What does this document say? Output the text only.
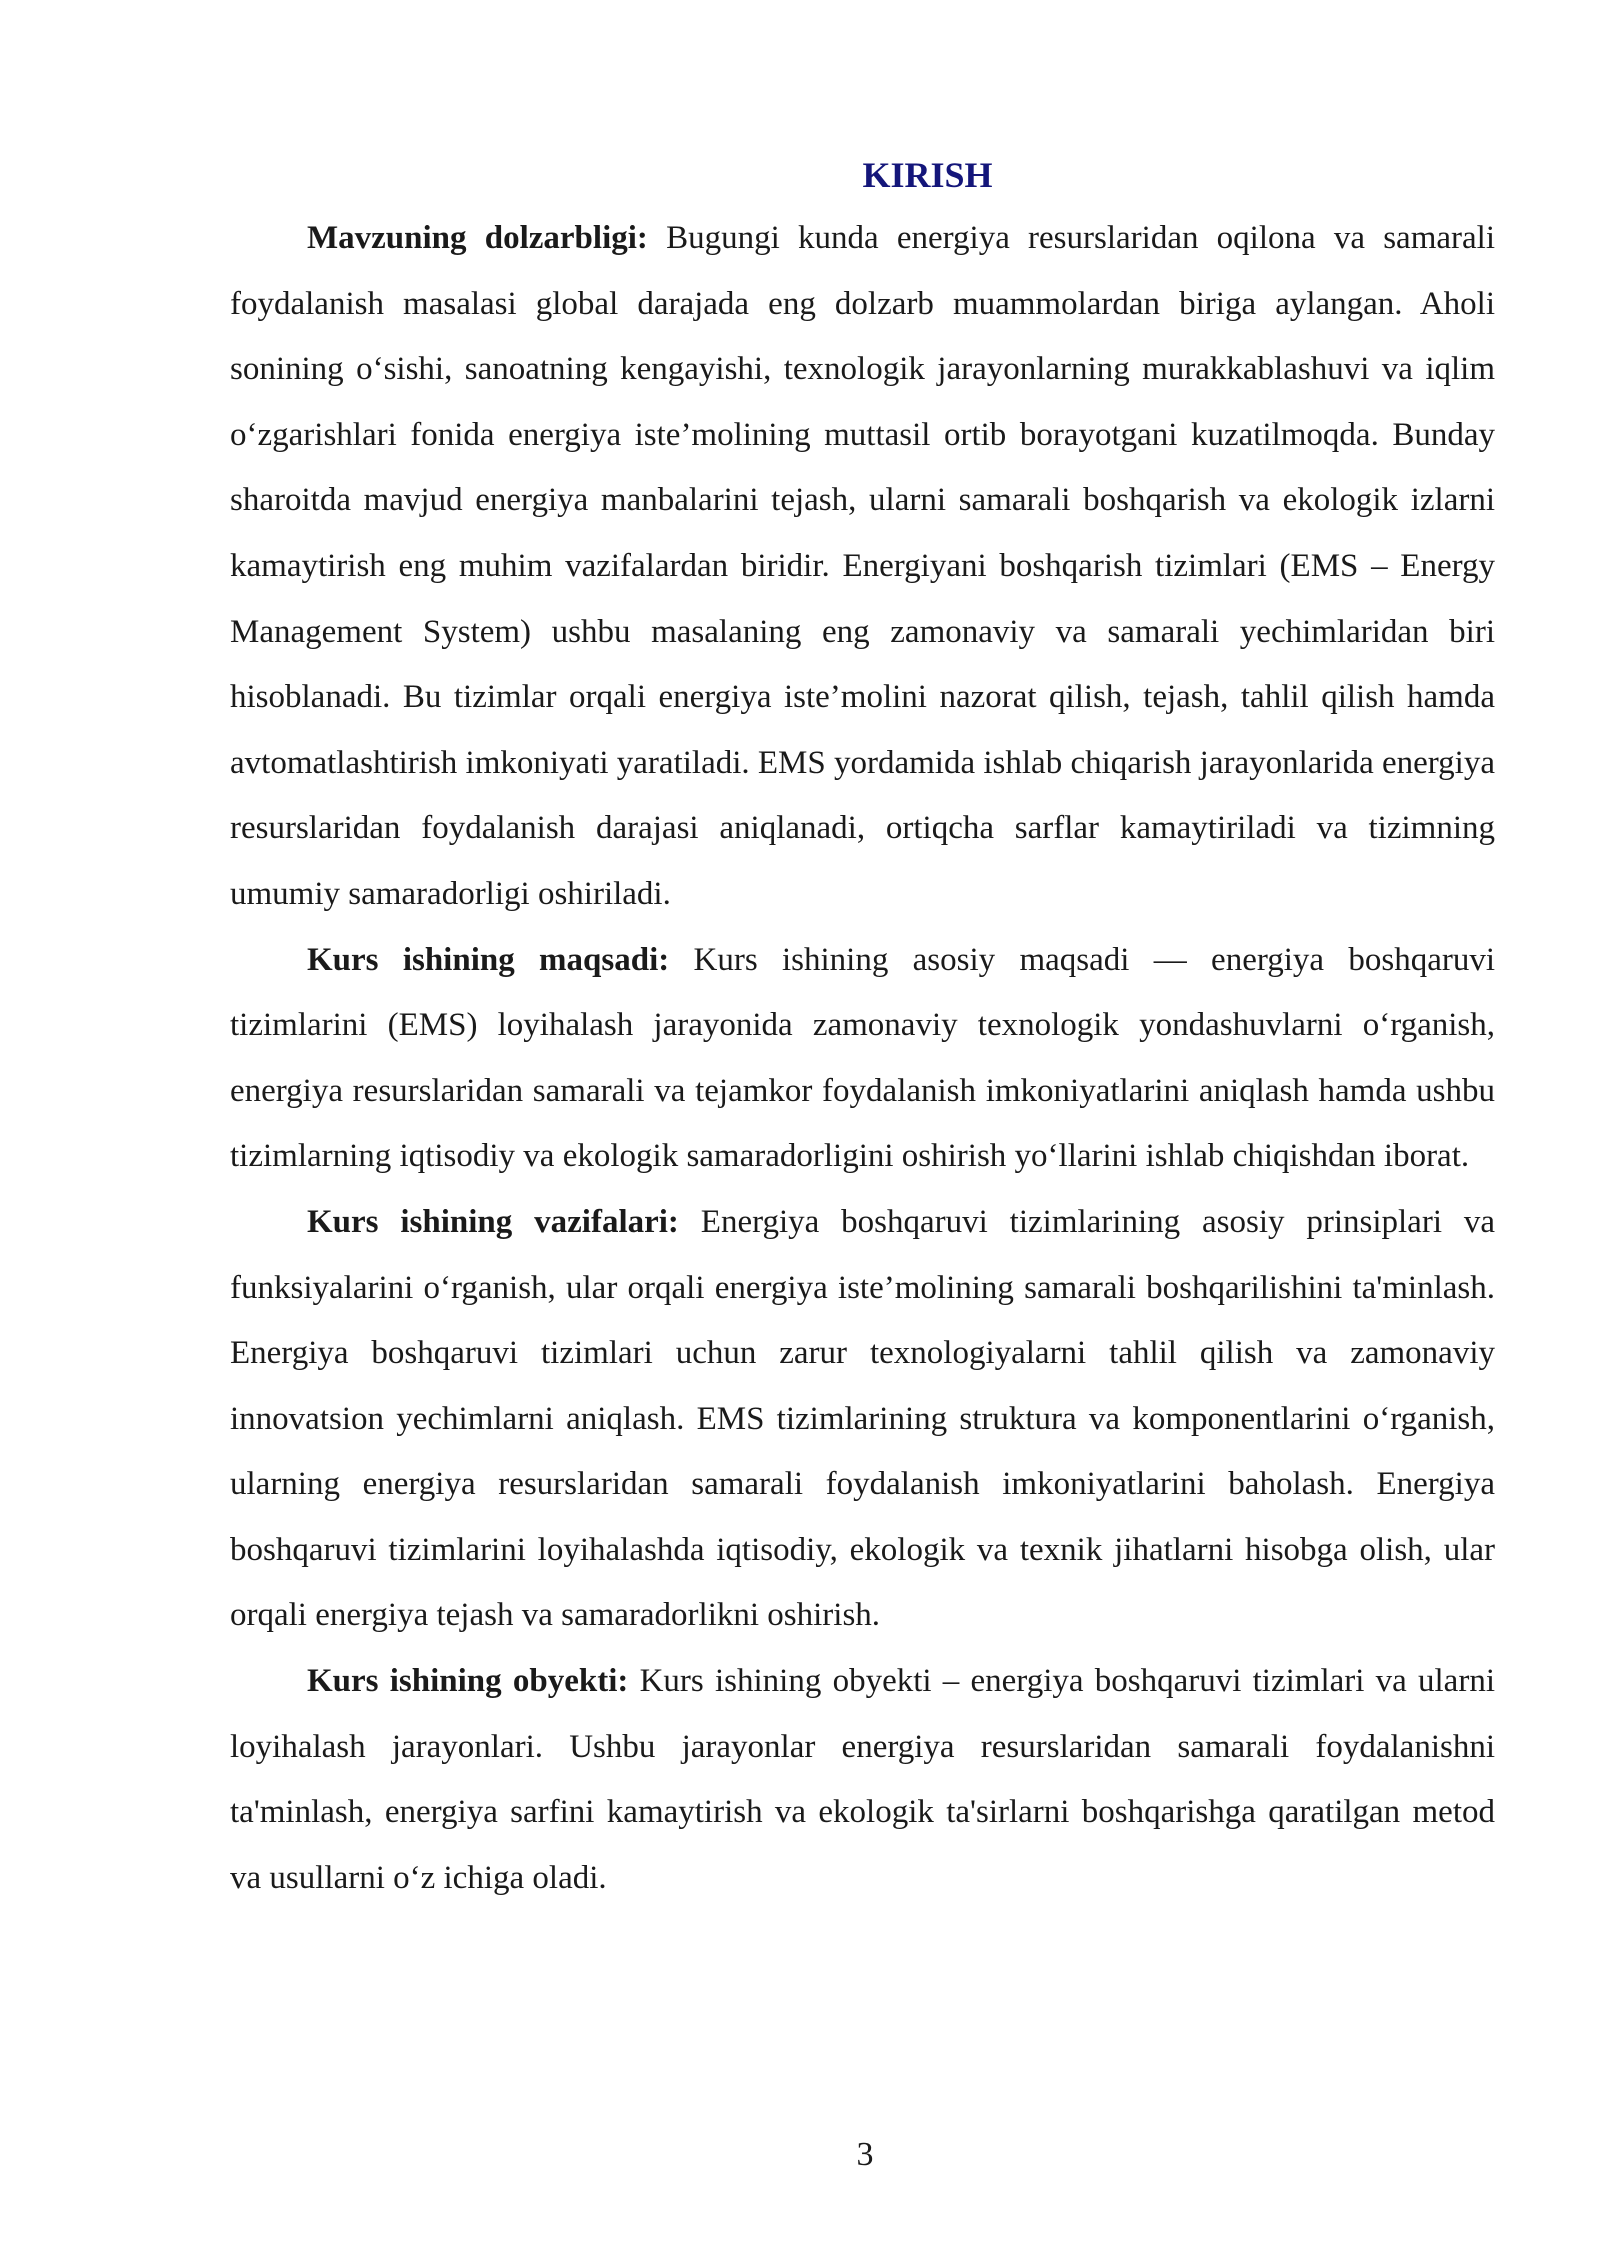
KIRISH

Mavzuning dolzarbligi: Bugungi kunda energiya resurslaridan oqilona va samarali foydalanish masalasi global darajada eng dolzarb muammolardan biriga aylangan. Aholi sonining o‘sishi, sanoatning kengayishi, texnologik jarayonlarning murakkablashuvi va iqlim o‘zgarishlari fonida energiya iste’molining muttasil ortib borayotgani kuzatilmoqda. Bunday sharoitda mavjud energiya manbalarini tejash, ularni samarali boshqarish va ekologik izlarni kamaytirish eng muhim vazifalardan biridir. Energiyani boshqarish tizimlari (EMS – Energy Management System) ushbu masalaning eng zamonaviy va samarali yechimlaridan biri hisoblanadi. Bu tizimlar orqali energiya iste’molini nazorat qilish, tejash, tahlil qilish hamda avtomatlashtirish imkoniyati yaratiladi. EMS yordamida ishlab chiqarish jarayonlarida energiya resurslaridan foydalanish darajasi aniqlanadi, ortiqcha sarflar kamaytiriladi va tizimning umumiy samaradorligi oshiriladi.

Kurs ishining maqsadi: Kurs ishining asosiy maqsadi — energiya boshqaruvi tizimlarini (EMS) loyihalash jarayonida zamonaviy texnologik yondashuvlarni o‘rganish, energiya resurslaridan samarali va tejamkor foydalanish imkoniyatlarini aniqlash hamda ushbu tizimlarning iqtisodiy va ekologik samaradorligini oshirish yo‘llarini ishlab chiqishdan iborat.

Kurs ishining vazifalari: Energiya boshqaruvi tizimlarining asosiy prinsiplari va funksiyalarini o‘rganish, ular orqali energiya iste’molining samarali boshqarilishini ta'minlash. Energiya boshqaruvi tizimlari uchun zarur texnologiyalarni tahlil qilish va zamonaviy innovatsion yechimlarni aniqlash. EMS tizimlarining struktura va komponentlarini o‘rganish, ularning energiya resurslaridan samarali foydalanish imkoniyatlarini baholash. Energiya boshqaruvi tizimlarini loyihalashda iqtisodiy, ekologik va texnik jihatlarni hisobga olish, ular orqali energiya tejash va samaradorlikni oshirish.

Kurs ishining obyekti: Kurs ishining obyekti – energiya boshqaruvi tizimlari va ularni loyihalash jarayonlari. Ushbu jarayonlar energiya resurslaridan samarali foydalanishni ta'minlash, energiya sarfini kamaytirish va ekologik ta'sirlarni boshqarishga qaratilgan metod va usullarni o‘z ichiga oladi.

3
